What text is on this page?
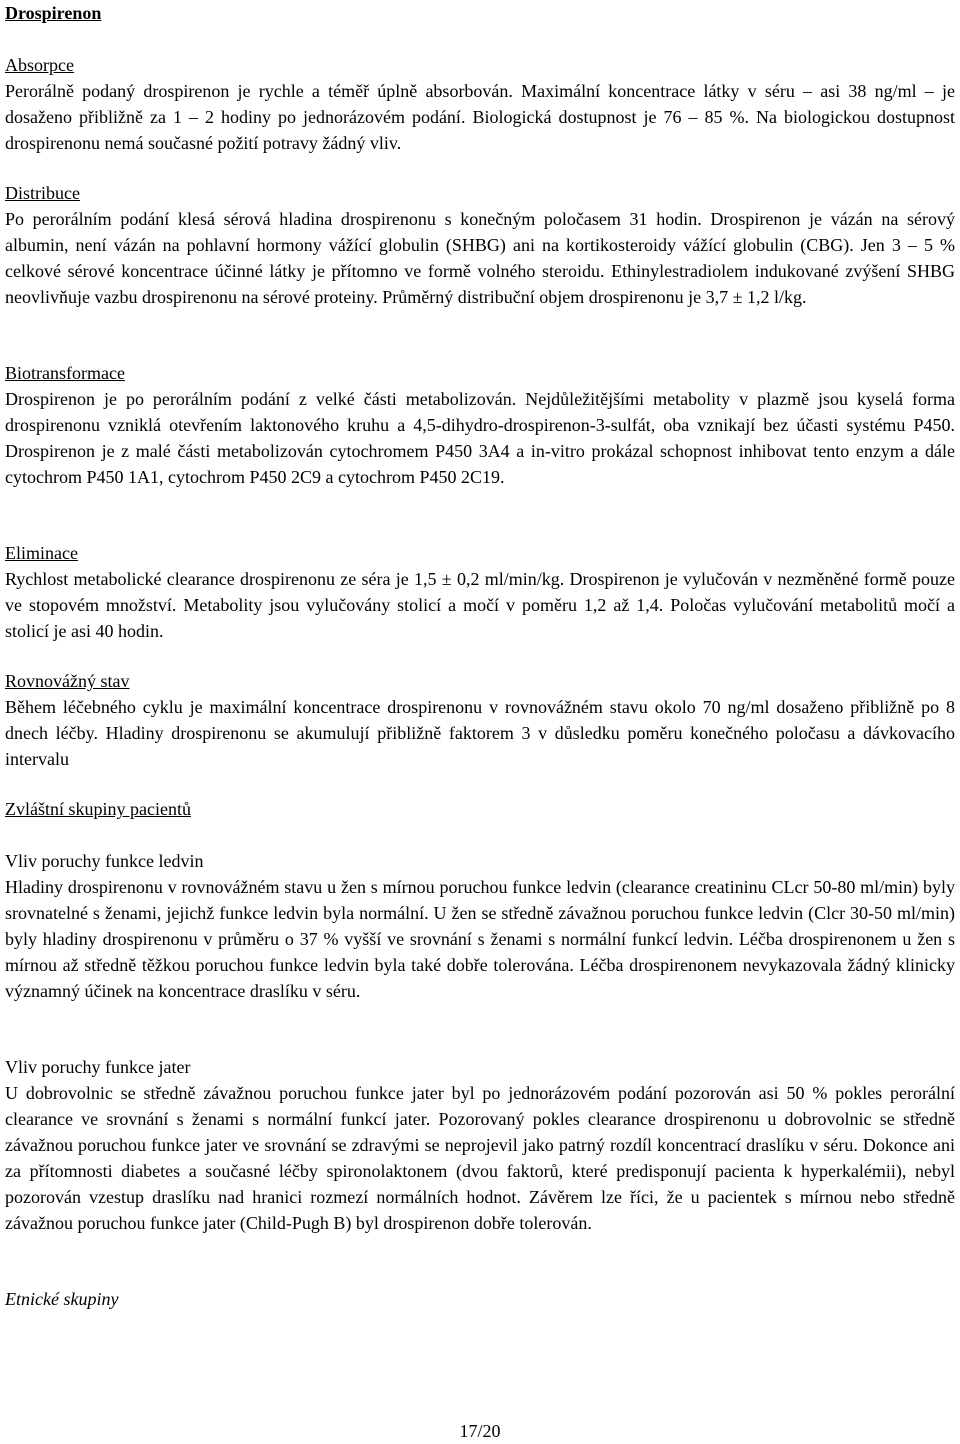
Drospirenon

Absorpce

Perorálně podaný drospirenon je rychle a téměř úplně absorbován. Maximální koncentrace látky v séru – asi 38 ng/ml – je dosaženo přibližně za 1 – 2 hodiny po jednorázovém podání. Biologická dostupnost je 76 – 85 %. Na biologickou dostupnost drospirenonu nemá současné požití potravy žádný vliv.

Distribuce

Po perorálním podání klesá sérová hladina drospirenonu s konečným poločasem 31 hodin. Drospirenon je vázán na sérový albumin, není vázán na pohlavní hormony vážící globulin (SHBG) ani na kortikosteroidy vážící globulin (CBG). Jen 3 – 5 % celkové sérové koncentrace účinné látky je přítomno ve formě volného steroidu. Ethinylestradiolem indukované zvýšení SHBG neovlivňuje vazbu drospirenonu na sérové proteiny. Průměrný distribuční objem drospirenonu je 3,7 ± 1,2 l/kg.

Biotransformace

Drospirenon je po perorálním podání z velké části metabolizován. Nejdůležitějšími metabolity v plazmě jsou kyselá forma drospirenonu vzniklá otevřením laktonového kruhu a 4,5-dihydro-drospirenon-3-sulfát, oba vznikají bez účasti systému P450. Drospirenon je z malé části metabolizován cytochromem P450 3A4 a in-vitro prokázal schopnost inhibovat tento enzym a dále cytochrom P450 1A1, cytochrom P450 2C9 a cytochrom P450 2C19.

Eliminace

Rychlost metabolické clearance drospirenonu ze séra je 1,5 ± 0,2 ml/min/kg. Drospirenon je vylučován v nezměněné formě pouze ve stopovém množství. Metabolity jsou vylučovány stolicí a močí v poměru 1,2 až 1,4. Poločas vylučování metabolitů močí a stolicí je asi 40 hodin.

Rovnovážný stav

Během léčebného cyklu je maximální koncentrace drospirenonu v rovnovážném stavu okolo 70 ng/ml dosaženo přibližně po 8 dnech léčby. Hladiny drospirenonu se akumulují přibližně faktorem 3 v důsledku poměru konečného poločasu a dávkovacího intervalu

Zvláštní skupiny pacientů

Vliv poruchy funkce ledvin

Hladiny drospirenonu v rovnovážném stavu u žen s mírnou poruchou funkce ledvin (clearance creatininu CLcr 50-80 ml/min) byly srovnatelné s ženami, jejichž funkce ledvin byla normální. U žen se středně závažnou poruchou funkce ledvin (Clcr 30-50 ml/min) byly hladiny drospirenonu v průměru o 37 % vyšší ve srovnání s ženami s normální funkcí ledvin. Léčba drospirenonem u žen s mírnou až středně těžkou poruchou funkce ledvin byla také dobře tolerována. Léčba drospirenonem nevykazovala žádný klinicky významný účinek na koncentrace draslíku v séru.

Vliv poruchy funkce jater

U dobrovolnic se středně závažnou poruchou funkce jater byl po jednorázovém podání pozorován asi 50 % pokles perorální clearance ve srovnání s ženami s normální funkcí jater. Pozorovaný pokles clearance drospirenonu u dobrovolnic se středně závažnou poruchou funkce jater ve srovnání se zdravými se neprojevil jako patrný rozdíl koncentrací draslíku v séru. Dokonce ani za přítomnosti diabetes a současné léčby spironolaktonem (dvou faktorů, které predisponují pacienta k hyperkalémii), nebyl pozorován vzestup draslíku nad hranici rozmezí normálních hodnot. Závěrem lze říci, že u pacientek s mírnou nebo středně závažnou poruchou funkce jater (Child-Pugh B) byl drospirenon dobře tolerován.

Etnické skupiny

17/20
